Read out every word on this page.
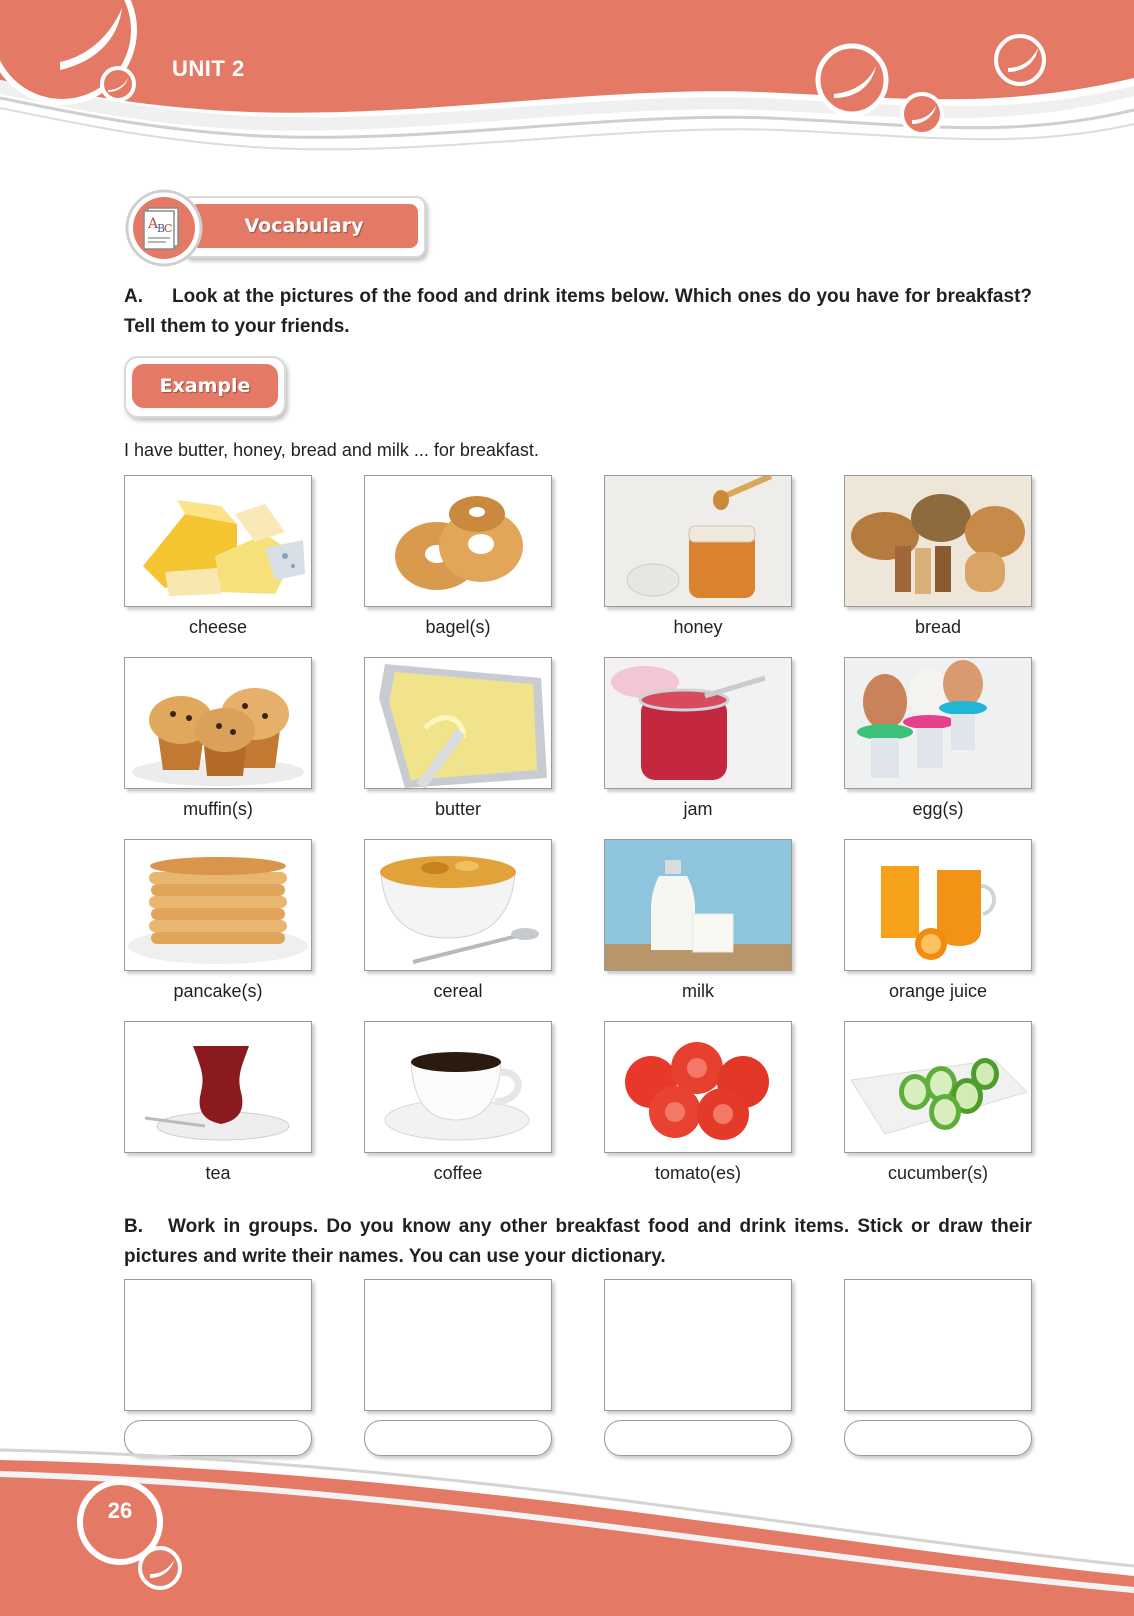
UNIT 2
Vocabulary
A
B
C
A. Look at the pictures of the food and drink items below. Which ones do you have for breakfast? Tell them to your friends.
Example
I have butter, honey, bread and milk ... for breakfast.
cheese	bagel(s)	honey	bread
muffin(s)	butter	jam	egg(s)
pancake(s)	cereal	milk	orange juice
tea	coffee	tomato(es)	cucumber(s)
B. Work in groups. Do you know any other breakfast food and drink items. Stick or draw their pictures and write their names. You can use your dictionary.
26
